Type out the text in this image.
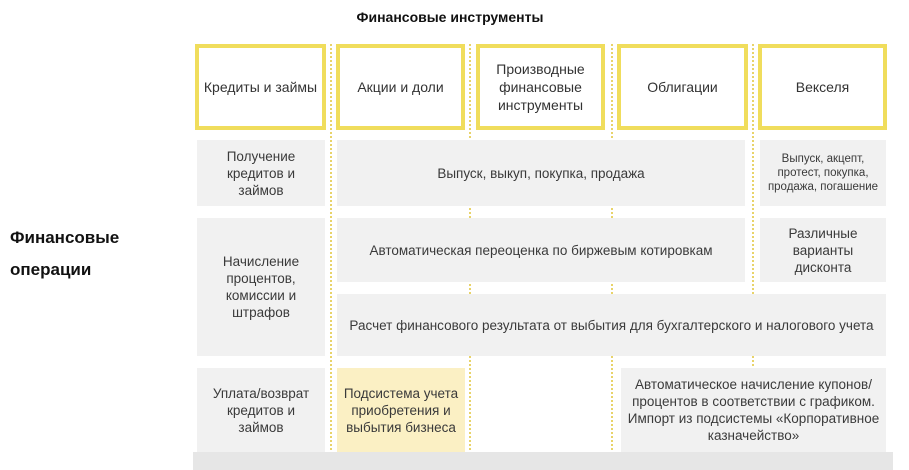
Финансовые инструменты
Финансовые операции
Кредиты и займы	Акции и доли
Производные финансовые инструменты
Облигации	Векселя
Получение кредитов и займов
Начисление процентов, комиссии и штрафов
Уплата/возврат кредитов и займов
Выпуск, выкуп, покупка, продажа
Выпуск, акцепт, протест, покупка, продажа, погашение
Автоматическая переоценка по биржевым котировкам
Различные варианты дисконта
Расчет финансового результата от выбытия для бухгалтерского и налогового учета
Подсистема учета приобретения и выбытия бизнеса
Автоматическое начисление купонов/процентов в соответствии с графиком. Импорт из подсистемы «Корпоративное казначейство»
